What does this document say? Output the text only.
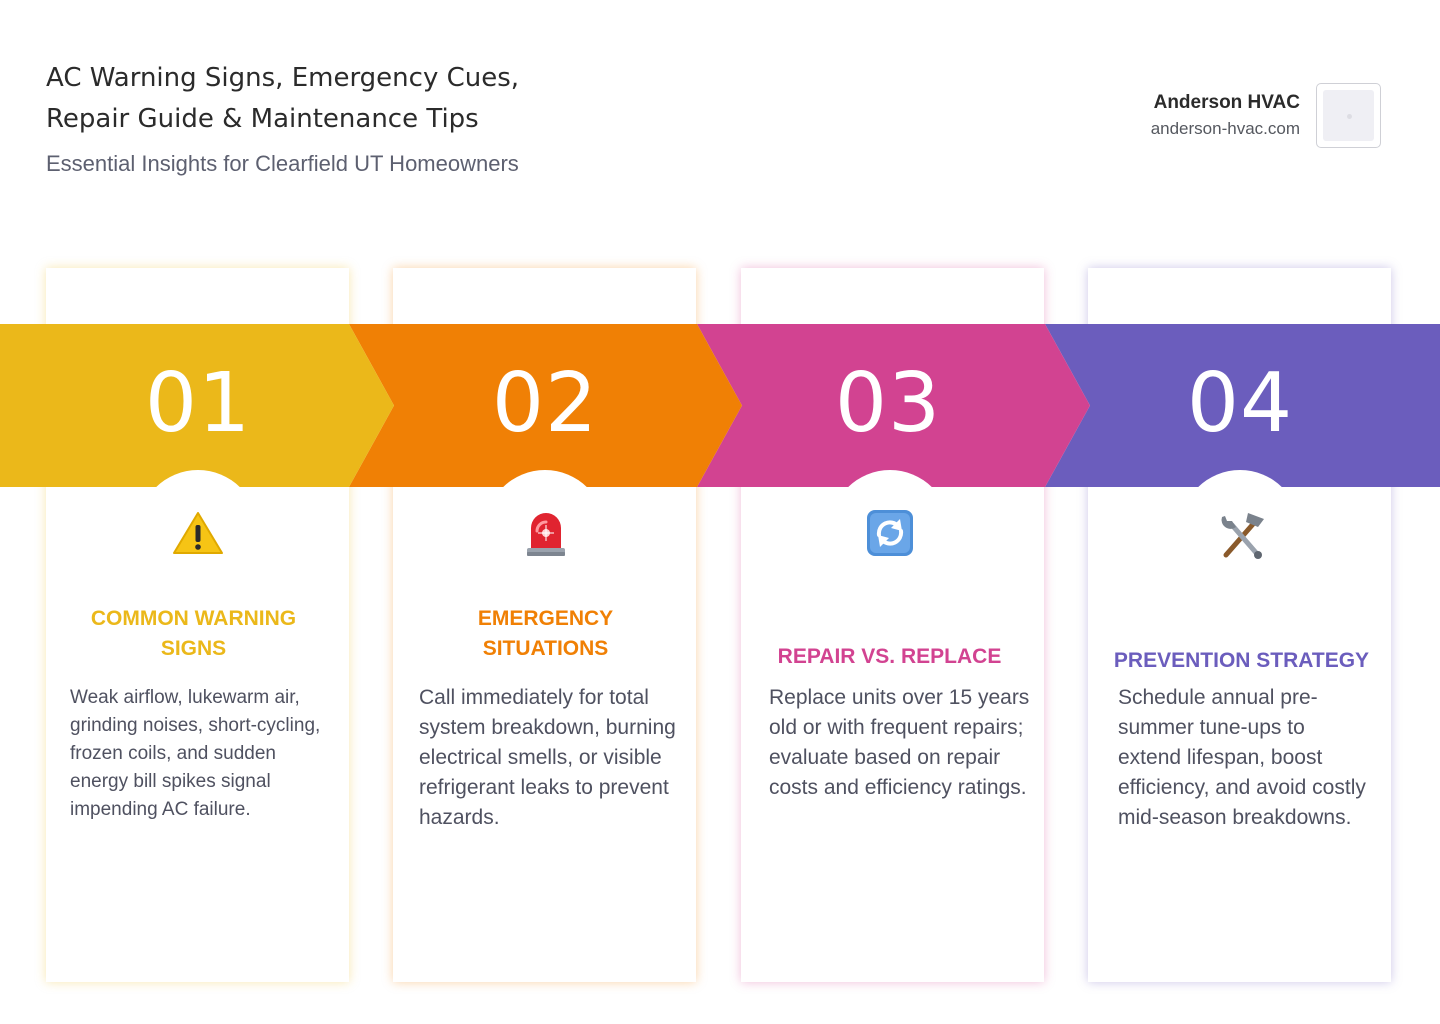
AC Warning Signs, Emergency Cues,
Repair Guide & Maintenance Tips

Essential Insights for Clearfield UT Homeowners

Anderson HVAC
anderson-hvac.com
01	02	03	04
COMMON WARNING
SIGNS
EMERGENCY
SITUATIONS	REPAIR VS. REPLACE	PREVENTION STRATEGY

Weak airflow, lukewarm air, grinding noises, short-cycling, frozen coils, and sudden energy bill spikes signal impending AC failure.

Call immediately for total system breakdown, burning electrical smells, or visible refrigerant leaks to prevent hazards.

Replace units over 15 years old or with frequent repairs; evaluate based on repair costs and efficiency ratings.

Schedule annual pre-summer tune-ups to extend lifespan, boost efficiency, and avoid costly mid-season breakdowns.
